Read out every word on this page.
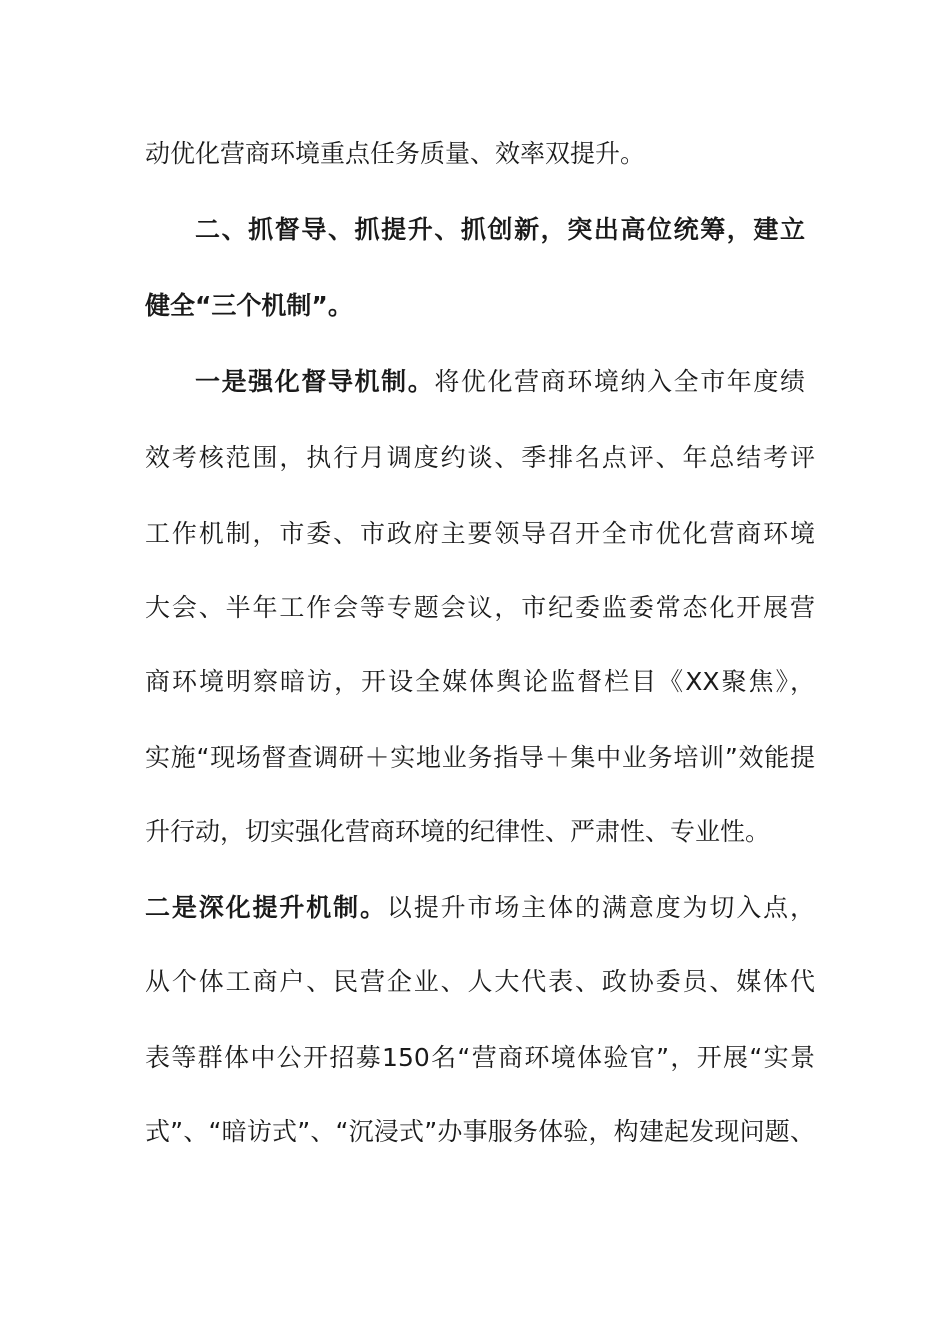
动优化营商环境重点任务质量、效率双提升。
二、抓督导、抓提升、抓创新，突出高位统筹，建立
健全“三个机制”。
一是强化督导机制。将优化营商环境纳入全市年度绩
效考核范围，执行月调度约谈、季排名点评、年总结考评
工作机制，市委、市政府主要领导召开全市优化营商环境
大会、半年工作会等专题会议，市纪委监委常态化开展营
商环境明察暗访，开设全媒体舆论监督栏目《XX聚焦》，
实施“现场督查调研＋实地业务指导＋集中业务培训”效能提
升行动，切实强化营商环境的纪律性、严肃性、专业性。
二是深化提升机制。以提升市场主体的满意度为切入点，
从个体工商户、民营企业、人大代表、政协委员、媒体代
表等群体中公开招募150名“营商环境体验官”，开展“实景
式”、“暗访式”、“沉浸式”办事服务体验，构建起发现问题、
